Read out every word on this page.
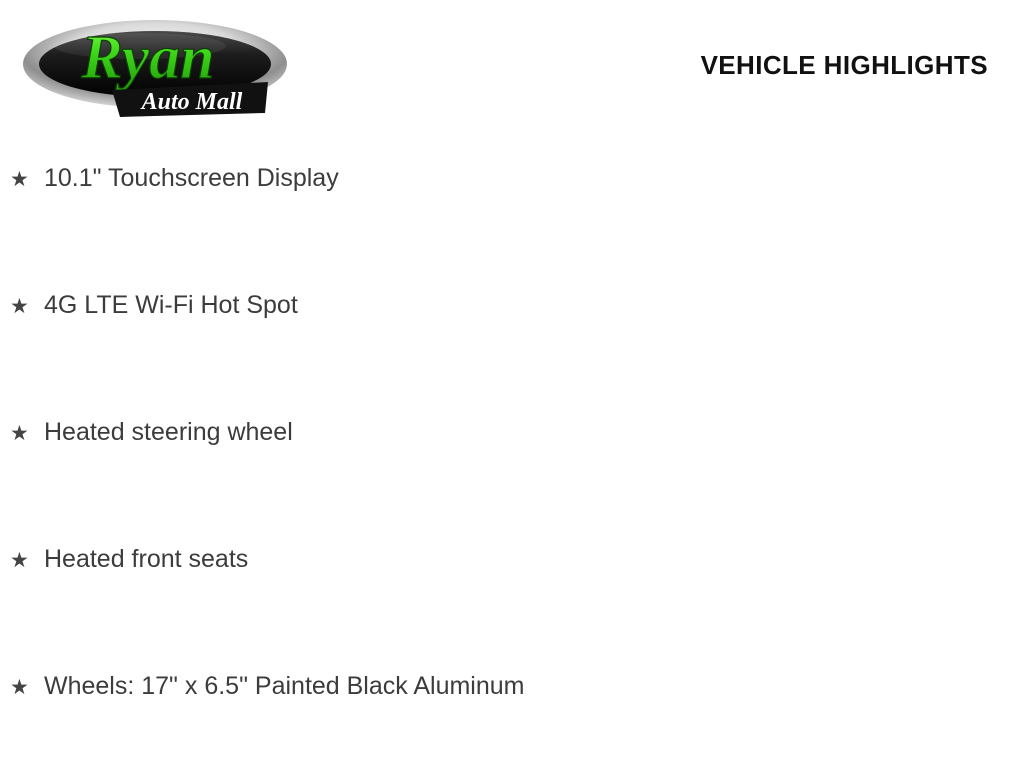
Ryan
Auto Mall
VEHICLE HIGHLIGHTS
★ 10.1" Touchscreen Display
★ 4G LTE Wi-Fi Hot Spot
★ Heated steering wheel
★ Heated front seats
★ Wheels: 17" x 6.5" Painted Black Aluminum
